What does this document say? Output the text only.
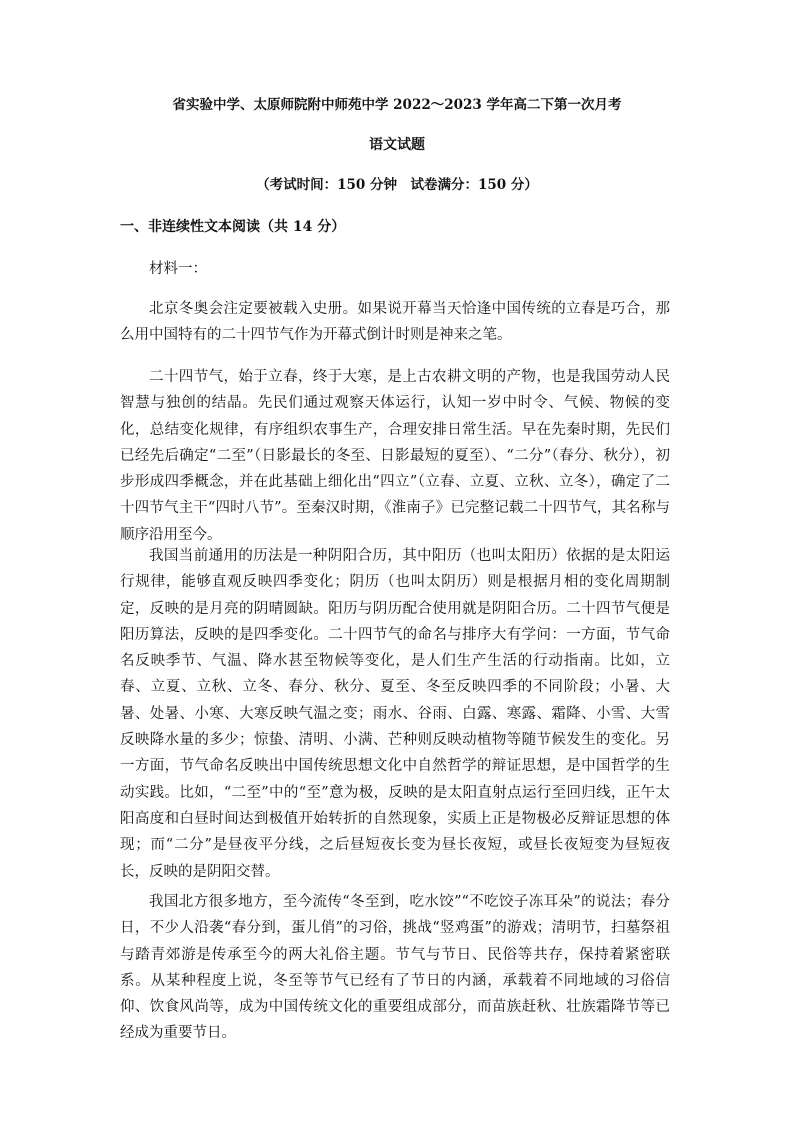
省实验中学、太原师院附中师苑中学 2022～2023 学年高二下第一次月考
语文试题
（考试时间：150 分钟　试卷满分：150 分）
一、非连续性文本阅读（共 14 分）

材料一：

北京冬奥会注定要被载入史册。如果说开幕当天恰逢中国传统的立春是巧合，那么用中国特有的二十四节气作为开幕式倒计时则是神来之笔。

二十四节气，始于立春，终于大寒，是上古农耕文明的产物，也是我国劳动人民智慧与独创的结晶。先民们通过观察天体运行，认知一岁中时令、气候、物候的变化，总结变化规律，有序组织农事生产，合理安排日常生活。早在先秦时期，先民们已经先后确定“二至”（日影最长的冬至、日影最短的夏至）、“二分”（春分、秋分），初步形成四季概念，并在此基础上细化出“四立”（立春、立夏、立秋、立冬），确定了二十四节气主干“四时八节”。至秦汉时期，《淮南子》已完整记载二十四节气，其名称与顺序沿用至今。

我国当前通用的历法是一种阴阳合历，其中阳历（也叫太阳历）依据的是太阳运行规律，能够直观反映四季变化；阴历（也叫太阴历）则是根据月相的变化周期制定，反映的是月亮的阴晴圆缺。阳历与阴历配合使用就是阴阳合历。二十四节气便是阳历算法，反映的是四季变化。二十四节气的命名与排序大有学问：一方面，节气命名反映季节、气温、降水甚至物候等变化，是人们生产生活的行动指南。比如，立春、立夏、立秋、立冬、春分、秋分、夏至、冬至反映四季的不同阶段；小暑、大暑、处暑、小寒、大寒反映气温之变；雨水、谷雨、白露、寒露、霜降、小雪、大雪反映降水量的多少；惊蛰、清明、小满、芒种则反映动植物等随节候发生的变化。另一方面，节气命名反映出中国传统思想文化中自然哲学的辩证思想，是中国哲学的生动实践。比如，“二至”中的“至”意为极，反映的是太阳直射点运行至回归线，正午太阳高度和白昼时间达到极值开始转折的自然现象，实质上正是物极必反辩证思想的体现；而“二分”是昼夜平分线，之后昼短夜长变为昼长夜短，或昼长夜短变为昼短夜长，反映的是阴阳交替。

我国北方很多地方，至今流传“冬至到，吃水饺”“不吃饺子冻耳朵”的说法；春分日，不少人沿袭“春分到，蛋儿俏”的习俗，挑战“竖鸡蛋”的游戏；清明节，扫墓祭祖与踏青郊游是传承至今的两大礼俗主题。节气与节日、民俗等共存，保持着紧密联系。从某种程度上说，冬至等节气已经有了节日的内涵，承载着不同地域的习俗信仰、饮食风尚等，成为中国传统文化的重要组成部分，而苗族赶秋、壮族霜降节等已经成为重要节日。
